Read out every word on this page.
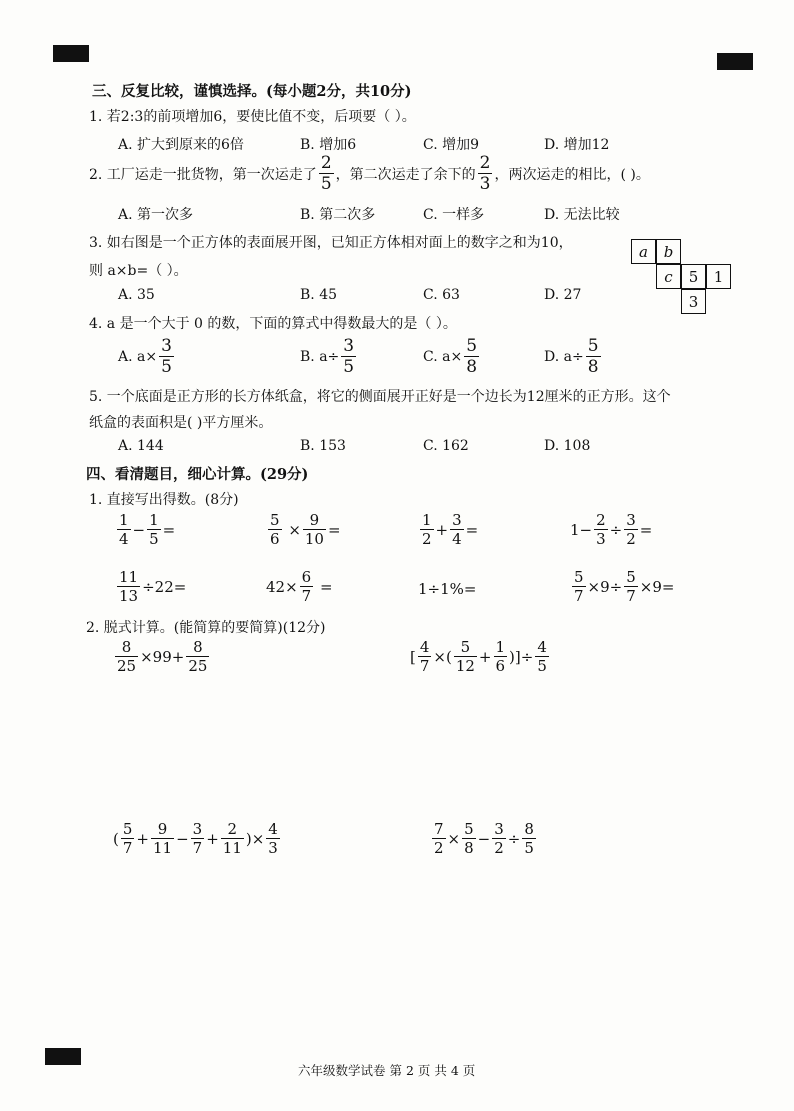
三、反复比较，谨慎选择。(每小题2分，共10分)
1. 若2:3的前项增加6，要使比值不变，后项要（ ）。
A. 扩大到原来的6倍	B. 增加6	C. 增加9	D. 增加12
2. 工厂运走一批货物，第一次运走了 $\frac{2}{5}$ ，第二次运走了余下的 $\frac{2}{3}$ ，两次运走的相比，( )。
A. 第一次多	B. 第二次多	C. 一样多	D. 无法比较
3. 如右图是一个正方体的表面展开图，已知正方体相对面上的数字之和为10，
则 a×b=（ ）。
A. 35	B. 45	C. 63	D. 27
a	b
c	5	1
3
4. a 是一个大于 0 的数，下面的算式中得数最大的是（ ）。
A. $a\times \frac{3}{5}$	B. $a\div \frac{3}{5}$	C. $a\times \frac{5}{8}$	D. $a\div \frac{5}{8}$
5. 一个底面是正方形的长方体纸盒，将它的侧面展开正好是一个边长为12厘米的正方形。这个
纸盒的表面积是( )平方厘米。
A. 144	B. 153	C. 162	D. 108
四、看清题目，细心计算。(29分)
1. 直接写出得数。(8分)
$\frac{1}{4} - \frac{1}{5}$ =	$\frac{5}{6} \times \frac{9}{10}$ =	$\frac{1}{2} + \frac{3}{4}$ =	$1- \frac{2}{3} \div \frac{3}{2}$ =
$\frac{11}{13} \div 22=$	$42\times \frac{6}{7}$ =	1÷1%=	$\frac{5}{7} \times 9\div \frac{5}{7} \times 9=$
2. 脱式计算。(能简算的要简算)(12分)
$\frac{8}{25} \times 99+ \frac{8}{25}$	[ $\frac{4}{7}$ ×( $\frac{5}{12} + \frac{1}{6}$ )]÷ $\frac{4}{5}$
( $\frac{5}{7} + \frac{9}{11} - \frac{3}{7} + \frac{2}{11}$ )× $\frac{4}{3}$	$\frac{7}{2} \times \frac{5}{8} - \frac{3}{2} \div \frac{8}{5}$
六年级数学试卷 第 2 页 共 4 页
